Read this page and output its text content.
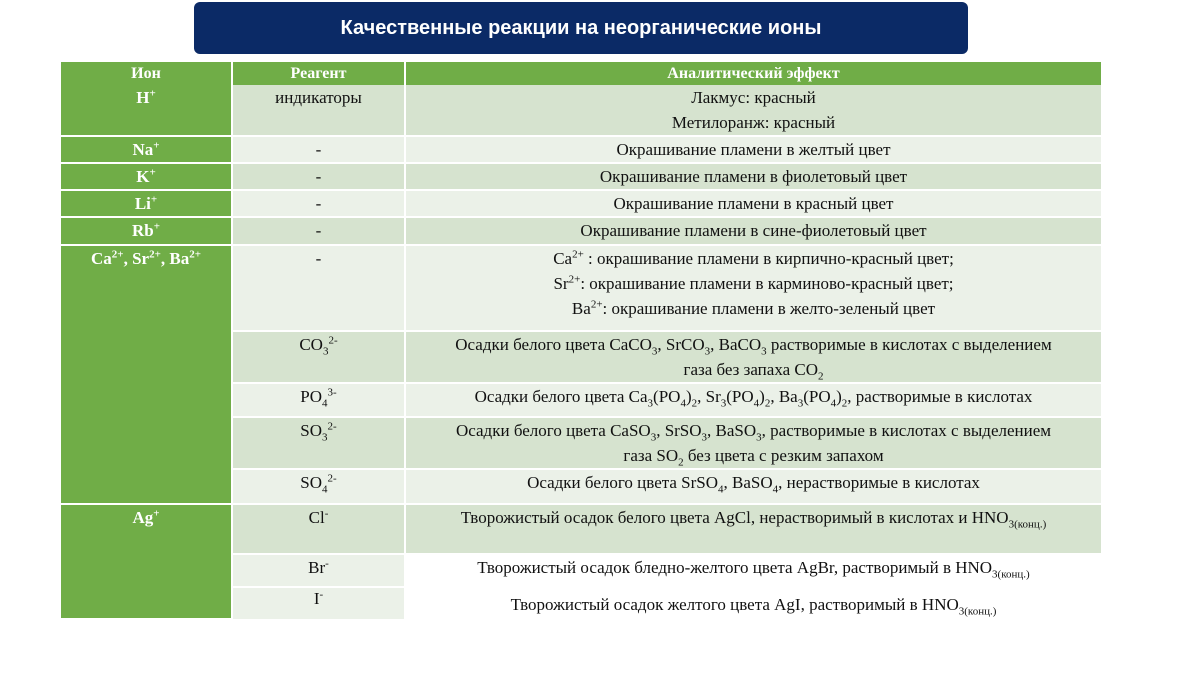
Качественные реакции на неорганические ионы
Ион	Реагент	Аналитический эффект
H+	индикаторы	Лакмус: красный
Метилоранж: красный

Na+	-	Окрашивание пламени в желтый цвет
K+	-	Окрашивание пламени в фиолетовый цвет
Li+	-	Окрашивание пламени в красный цвет
Rb+	-	Окрашивание пламени в сине-фиолетовый цвет
$Ca^{2+}$, $Sr^{2+}$, $Ba^{2+}$	-	$Ca^{2+}$ : окрашивание пламени в кирпично-красный цвет;
$Sr^{2+}$: окрашивание пламени в карминово-красный цвет;
$Ba^{2+}$: окрашивание пламени в желто-зеленый цвет

	$CO_3^{2-}$	Осадки белого цвета CaCO$_3$, SrCO$_3$, BaCO$_3$ растворимые в кислотах с выделением газа без запаха $CO_2$
	$PO_4^{3-}$	Осадки белого цвета $Ca_3(PO_4)_2$, $Sr_3(PO_4)_2$, $Ba_3(PO_4)_2$, растворимые в кислотах
	$SO_3^{2-}$	Осадки белого цвета CaSO$_3$, SrSO$_3$, BaSO$_3$, растворимые в кислотах с выделением газа $SO_2$ без цвета с резким запахом
	$SO_4^{2-}$	Осадки белого цвета SrSO$_4$, BaSO$_4$, нерастворимые в кислотах
Ag+	Cl-	Творожистый осадок белого цвета AgCl, нерастворимый в кислотах и $HNO_{3(конц.)}$
	Br-	Творожистый осадок бледно-желтого цвета AgBr, растворимый в $HNO_{3(конц.)}$
	I-	Творожистый осадок желтого цвета AgI, растворимый в $HNO_{3(конц.)}$
